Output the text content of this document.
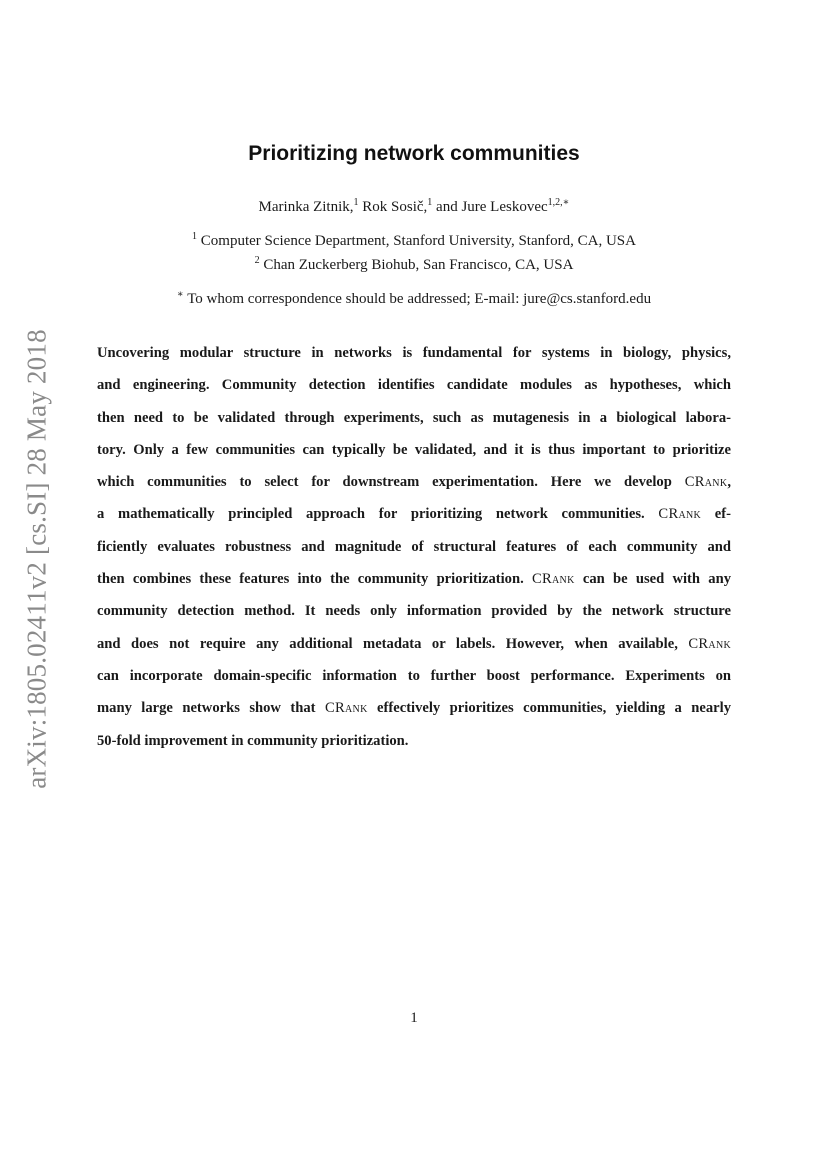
arXiv:1805.02411v2 [cs.SI] 28 May 2018
Prioritizing network communities
Marinka Zitnik,$^1$ Rok Sosič,$^1$ and Jure Leskovec$^{1,2,∗}$
$^1$ Computer Science Department, Stanford University, Stanford, CA, USA
$^2$ Chan Zuckerberg Biohub, San Francisco, CA, USA
∗ To whom correspondence should be addressed; E-mail: jure@cs.stanford.edu
Uncovering modular structure in networks is fundamental for systems in biology, physics,
and engineering. Community detection identifies candidate modules as hypotheses, which
then need to be validated through experiments, such as mutagenesis in a biological labora-
tory. Only a few communities can typically be validated, and it is thus important to prioritize
which communities to select for downstream experimentation. Here we develop CRank,
a mathematically principled approach for prioritizing network communities. CRank ef-
ficiently evaluates robustness and magnitude of structural features of each community and
then combines these features into the community prioritization. CRank can be used with any
community detection method. It needs only information provided by the network structure
and does not require any additional metadata or labels. However, when available, CRank
can incorporate domain-specific information to further boost performance. Experiments on
many large networks show that CRank effectively prioritizes communities, yielding a nearly
50-fold improvement in community prioritization.
1
